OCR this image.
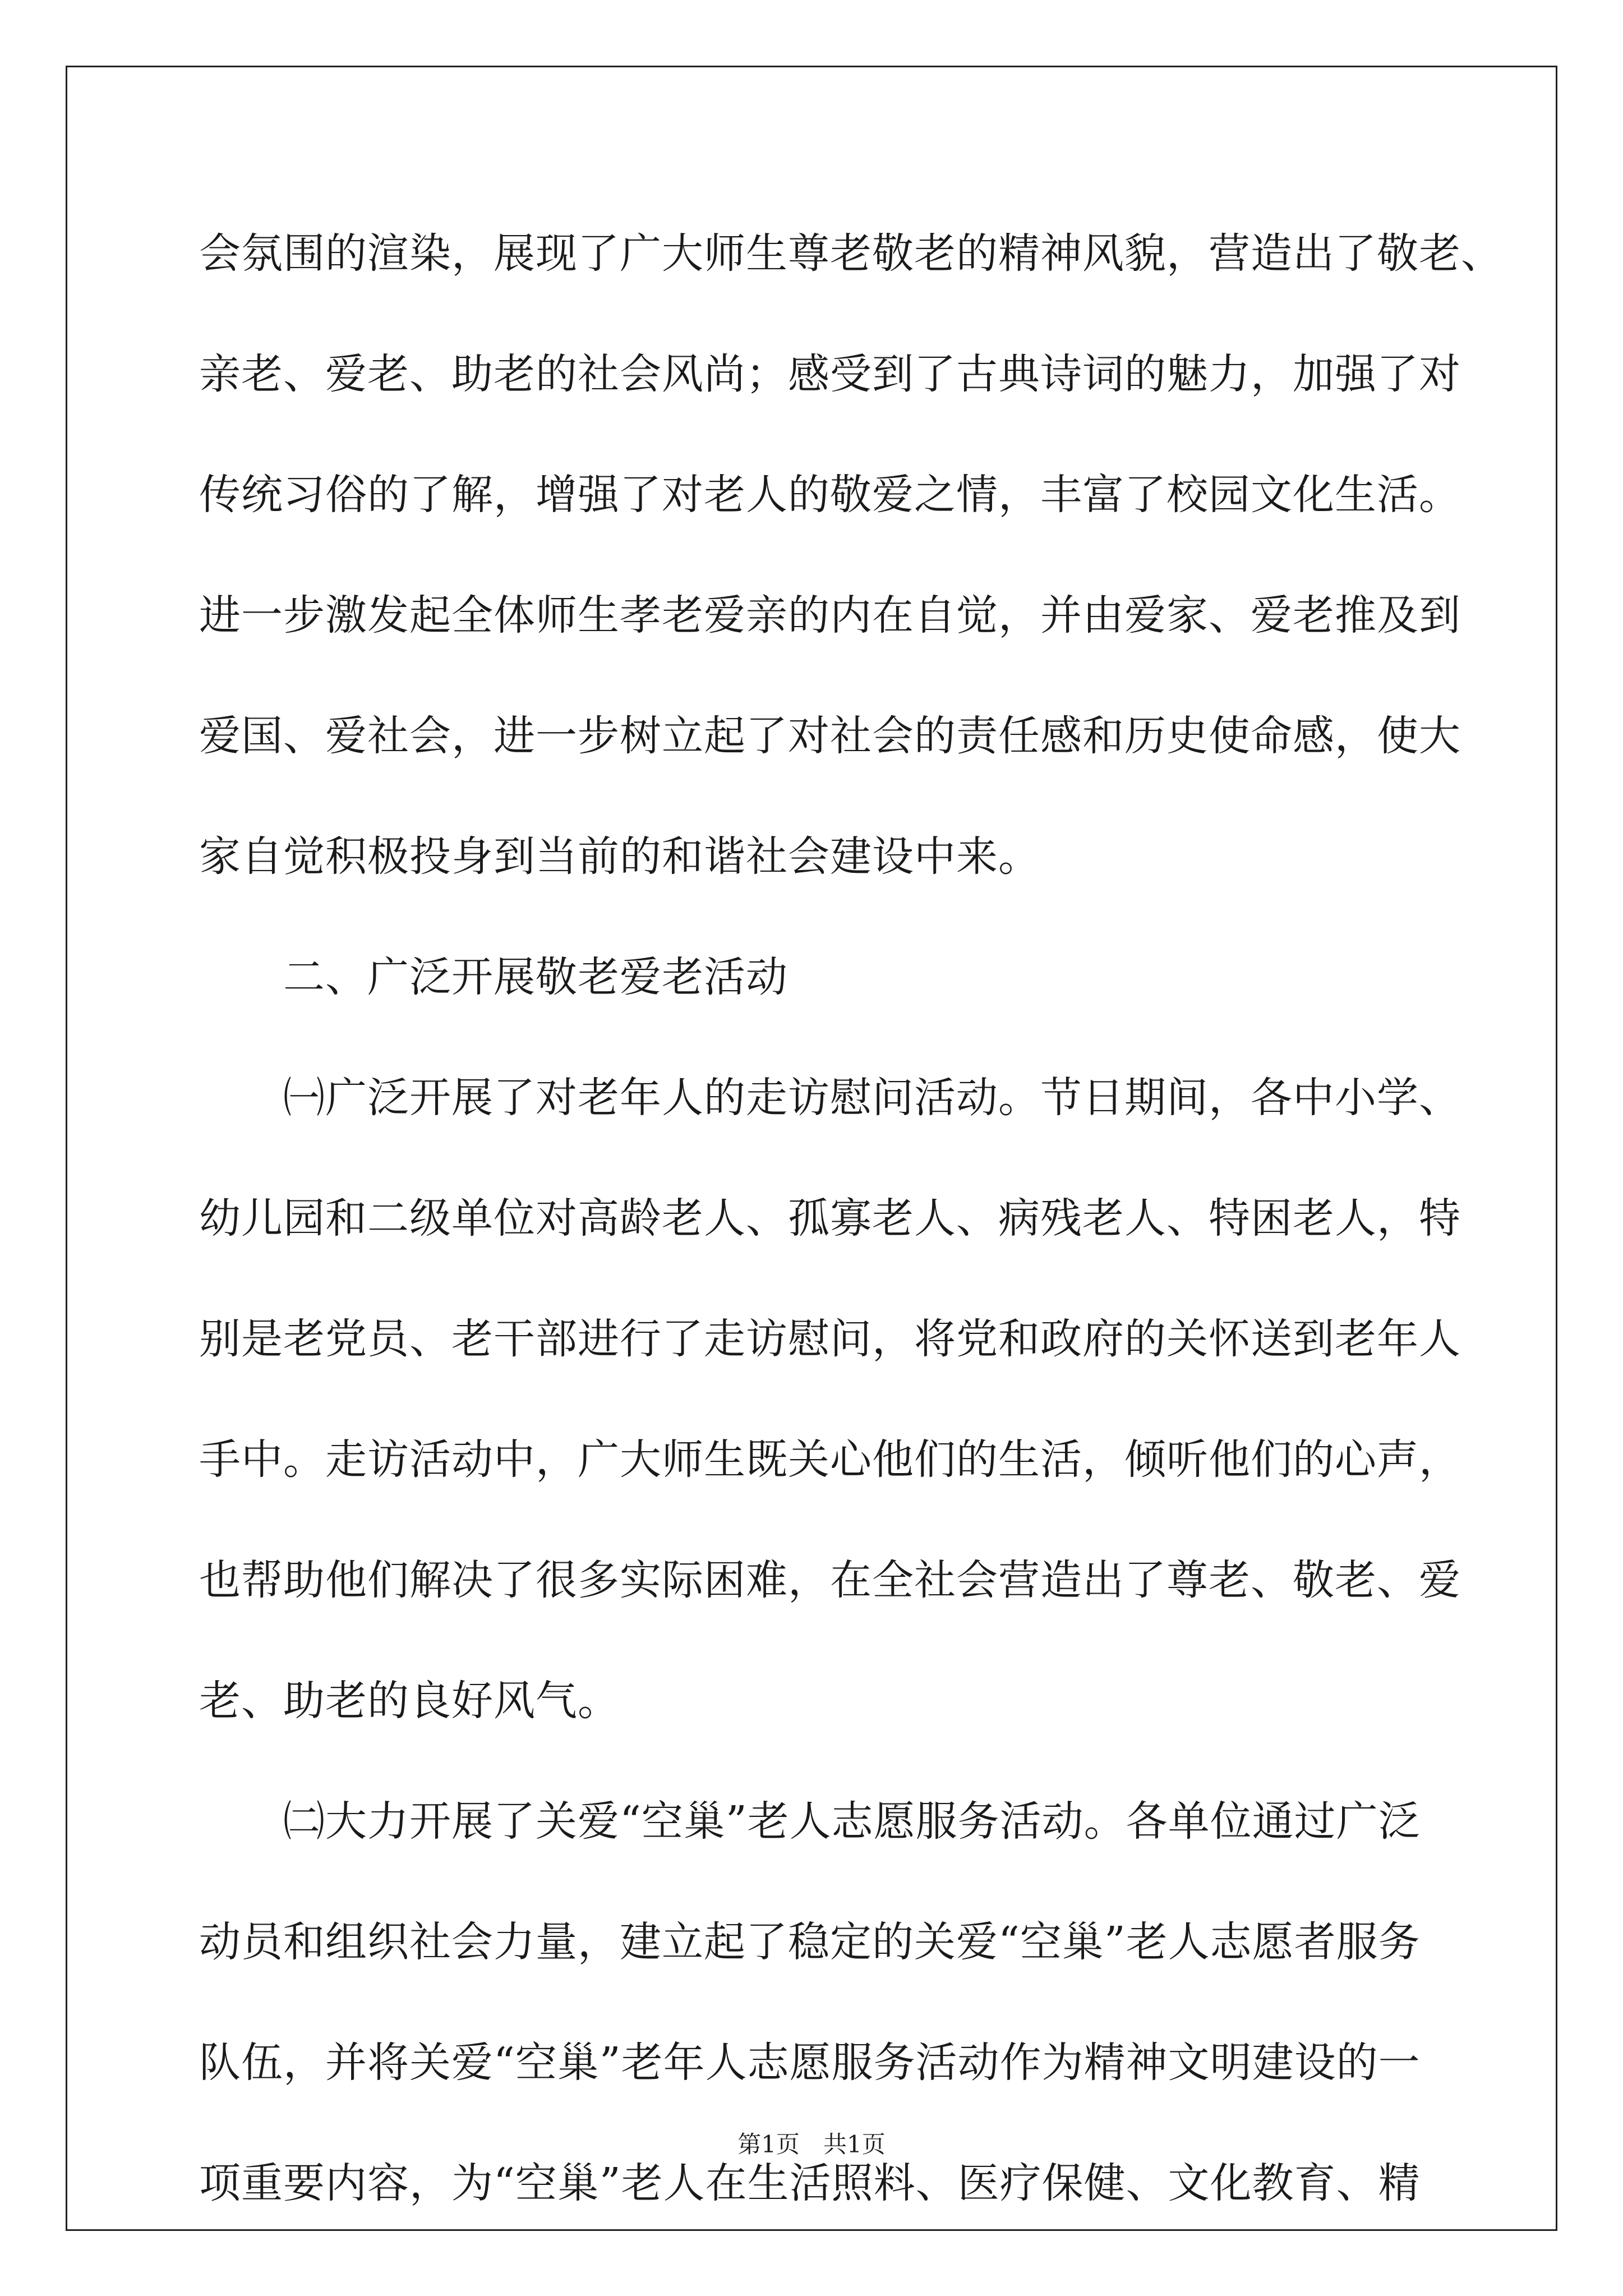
会氛围的渲染，展现了广大师生尊老敬老的精神风貌，营造出了敬老、

亲老、爱老、助老的社会风尚；感受到了古典诗词的魅力，加强了对

传统习俗的了解，增强了对老人的敬爱之情，丰富了校园文化生活。

进一步激发起全体师生孝老爱亲的内在自觉，并由爱家、爱老推及到

爱国、爱社会，进一步树立起了对社会的责任感和历史使命感，使大

家自觉积极投身到当前的和谐社会建设中来。

　　二、广泛开展敬老爱老活动

　　㈠广泛开展了对老年人的走访慰问活动。节日期间，各中小学、

幼儿园和二级单位对高龄老人、孤寡老人、病残老人、特困老人，特

别是老党员、老干部进行了走访慰问，将党和政府的关怀送到老年人

手中。走访活动中，广大师生既关心他们的生活，倾听他们的心声，

也帮助他们解决了很多实际困难，在全社会营造出了尊老、敬老、爱

老、助老的良好风气。

　　㈡大力开展了关爱“空巢”老人志愿服务活动。各单位通过广泛

动员和组织社会力量，建立起了稳定的关爱“空巢”老人志愿者服务

队伍，并将关爱“空巢”老年人志愿服务活动作为精神文明建设的一

项重要内容，为“空巢”老人在生活照料、医疗保健、文化教育、精

第1页　共1页
